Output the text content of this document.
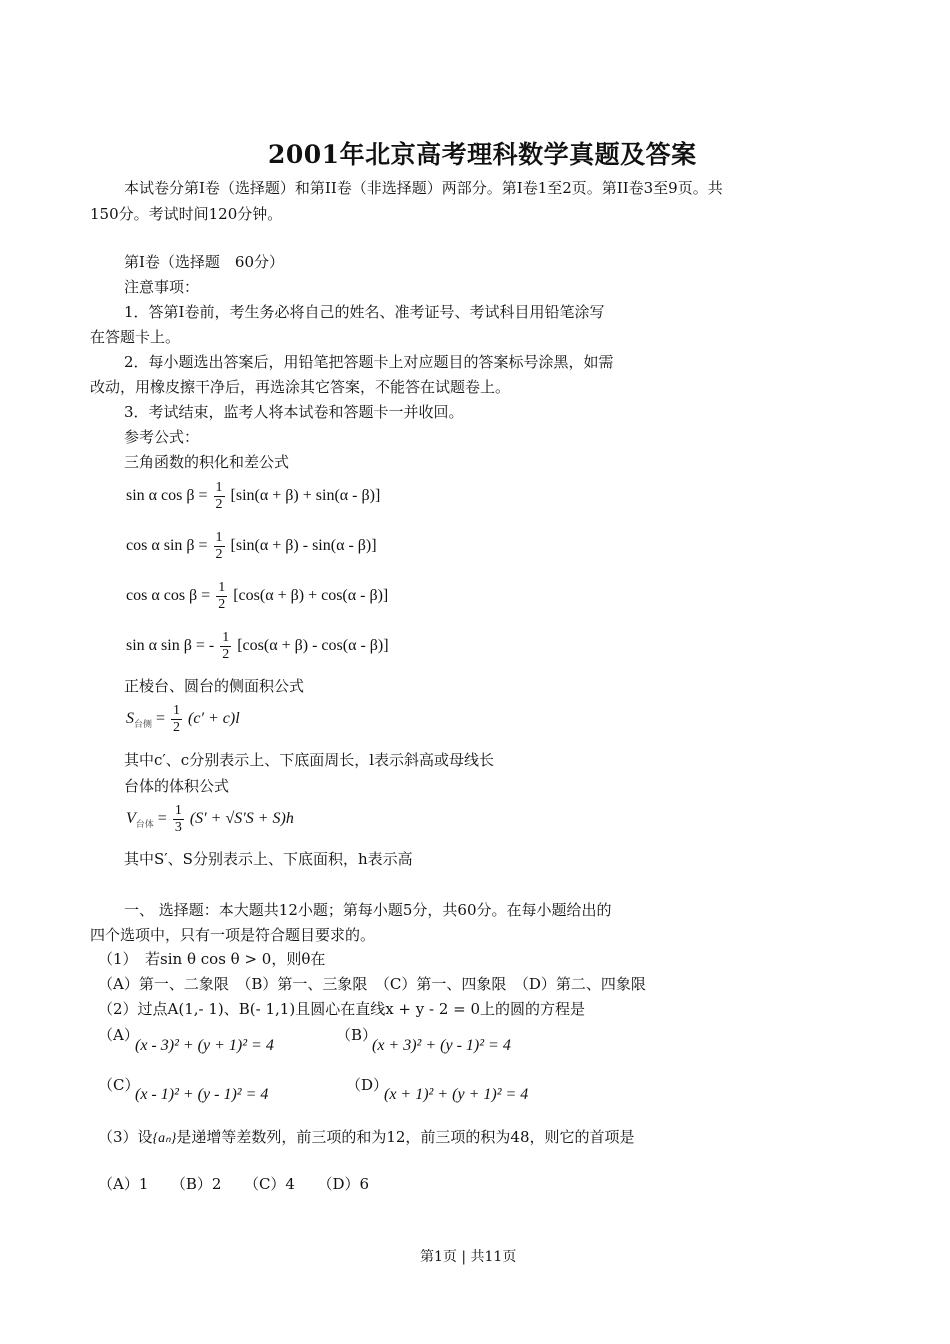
2001年北京高考理科数学真题及答案
本试卷分第I卷（选择题）和第II卷（非选择题）两部分。第I卷1至2页。第II卷3至9页。共
150分。考试时间120分钟。
第I卷（选择题　60分）
注意事项：
1．答第I卷前，考生务必将自己的姓名、准考证号、考试科目用铅笔涂写
在答题卡上。
2．每小题选出答案后，用铅笔把答题卡上对应题目的答案标号涂黑，如需
改动，用橡皮擦干净后，再选涂其它答案，不能答在试题卷上。
3．考试结束，监考人将本试卷和答题卡一并收回。
参考公式：
三角函数的积化和差公式
sin α $\cos \beta = \frac{1}{2} [\sin(\alpha + \beta) + \sin(\alpha - \beta)]$
cos α $\sin \beta = \frac{1}{2} [\sin(\alpha + \beta) - \sin(\alpha - \beta)]$
cos α $\cos \beta = \frac{1}{2} [\cos(\alpha + \beta) + \cos(\alpha - \beta)]$
sin α sin β = - $\frac{1}{2} [\cos(\alpha + \beta) - \cos(\alpha - \beta)]$
正棱台、圆台的侧面积公式
$S_{台侧} = \frac{1}{2} (c' + c)l$
其中c′、c分别表示上、下底面周长，l表示斜高或母线长
台体的体积公式
$V_{台体} = \frac{1}{3} (S' + √S'S + S)h$
其中S′、S分别表示上、下底面积，h表示高
一、 选择题：本大题共12小题；第每小题5分，共60分。在每小题给出的
四个选项中，只有一项是符合题目要求的。
（1）　若sin θ cos θ > 0，则θ在
（A）第一、二象限　（B）第一、三象限　（C）第一、四象限　（D）第二、四象限
（2）过点A(1,- 1)、B(- 1,1)且圆心在直线x + y - 2 = 0上的圆的方程是
（A）
(x - 3)² + (y + 1)² = 4
（B）
(x + 3)² + (y - 1)² = 4
（C）
(x - 1)² + (y - 1)² = 4
（D）
(x + 1)² + (y + 1)² = 4
（3）设{aₙ}是递增等差数列，前三项的和为12，前三项的积为48，则它的首项是
（A）1　　（B）2　　（C）4　　（D）6
第1页 | 共11页
